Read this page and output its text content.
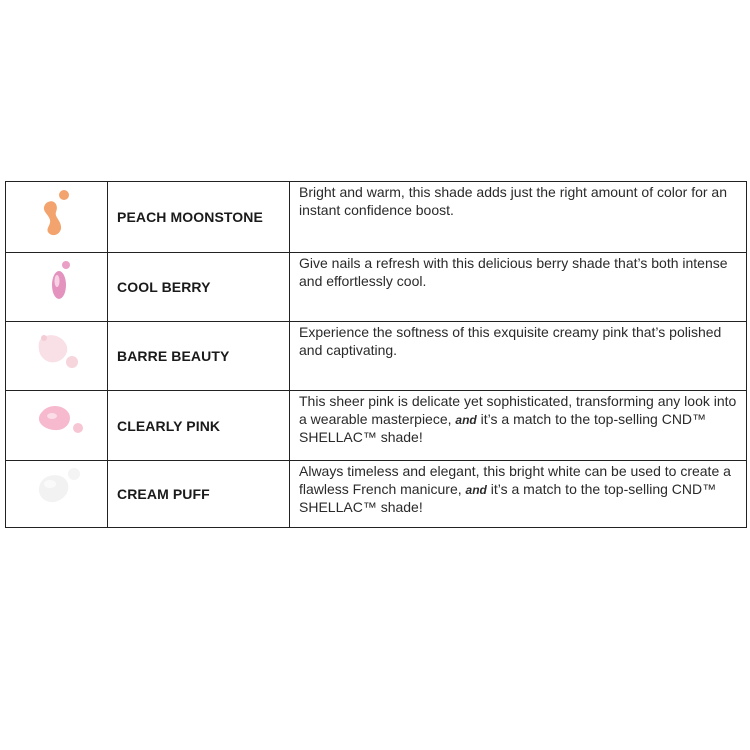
	PEACH MOONSTONE	Bright and warm, this shade adds just the right amount of color for an instant confidence boost.

	COOL BERRY	Give nails a refresh with this delicious berry shade that’s both intense and effortlessly cool.

	BARRE BEAUTY	Experience the softness of this exquisite creamy pink that’s polished and captivating.

	CLEARLY PINK	This sheer pink is delicate yet sophisticated, transforming any look into a wearable masterpiece, and it’s a match to the top-selling CND™ SHELLAC™ shade!

	CREAM PUFF	Always timeless and elegant, this bright white can be used to create a flawless French manicure, and it’s a match to the top-selling CND™ SHELLAC™ shade!
